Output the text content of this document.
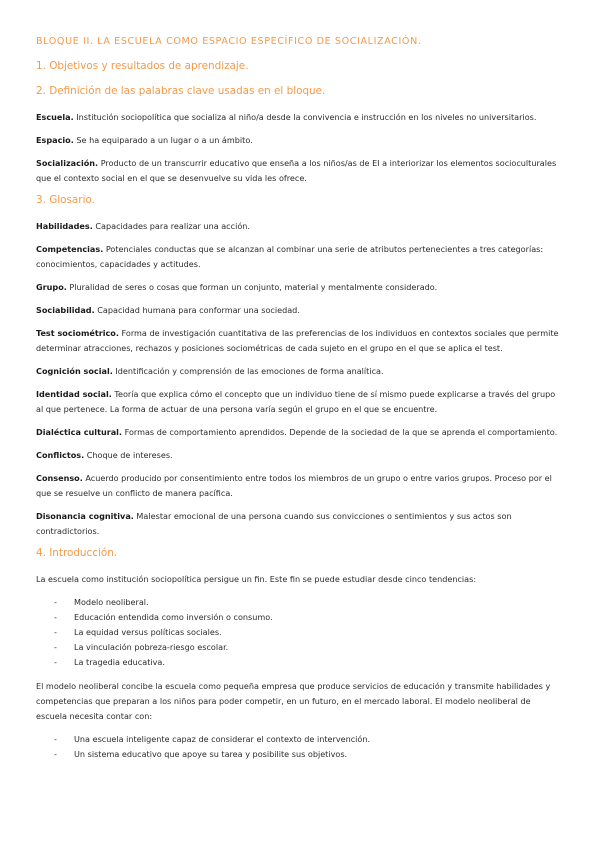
BLOQUE II. LA ESCUELA COMO ESPACIO ESPECÍFICO DE SOCIALIZACIÓN.
1. Objetivos y resultados de aprendizaje.
2. Definición de las palabras clave usadas en el bloque.

Escuela. Institución sociopolítica que socializa al niño/a desde la convivencia e instrucción en los niveles no universitarios.

Espacio. Se ha equiparado a un lugar o a un ámbito.

Socialización. Producto de un transcurrir educativo que enseña a los niños/as de EI a interiorizar los elementos socioculturales que el contexto social en el que se desenvuelve su vida les ofrece.

3. Glosario.

Habilidades. Capacidades para realizar una acción.

Competencias. Potenciales conductas que se alcanzan al combinar una serie de atributos pertenecientes a tres categorías: conocimientos, capacidades y actitudes.

Grupo. Pluralidad de seres o cosas que forman un conjunto, material y mentalmente considerado.

Sociabilidad. Capacidad humana para conformar una sociedad.

Test sociométrico. Forma de investigación cuantitativa de las preferencias de los individuos en contextos sociales que permite determinar atracciones, rechazos y posiciones sociométricas de cada sujeto en el grupo en el que se aplica el test.

Cognición social. Identificación y comprensión de las emociones de forma analítica.

Identidad social. Teoría que explica cómo el concepto que un individuo tiene de sí mismo puede explicarse a través del grupo al que pertenece. La forma de actuar de una persona varía según el grupo en el que se encuentre.

Dialéctica cultural. Formas de comportamiento aprendidos. Depende de la sociedad de la que se aprenda el comportamiento.

Conflictos. Choque de intereses.

Consenso. Acuerdo producido por consentimiento entre todos los miembros de un grupo o entre varios grupos. Proceso por el que se resuelve un conflicto de manera pacífica.

Disonancia cognitiva. Malestar emocional de una persona cuando sus convicciones o sentimientos y sus actos son contradictorios.

4. Introducción.

La escuela como institución sociopolítica persigue un fin. Este fin se puede estudiar desde cinco tendencias:

-	Modelo neoliberal.
-	Educación entendida como inversión o consumo.
-	La equidad versus políticas sociales.
-	La vinculación pobreza-riesgo escolar.
-	La tragedia educativa.

El modelo neoliberal concibe la escuela como pequeña empresa que produce servicios de educación y transmite habilidades y competencias que preparan a los niños para poder competir, en un futuro, en el mercado laboral. El modelo neoliberal de escuela necesita contar con:

-	Una escuela inteligente capaz de considerar el contexto de intervención.
-	Un sistema educativo que apoye su tarea y posibilite sus objetivos.
